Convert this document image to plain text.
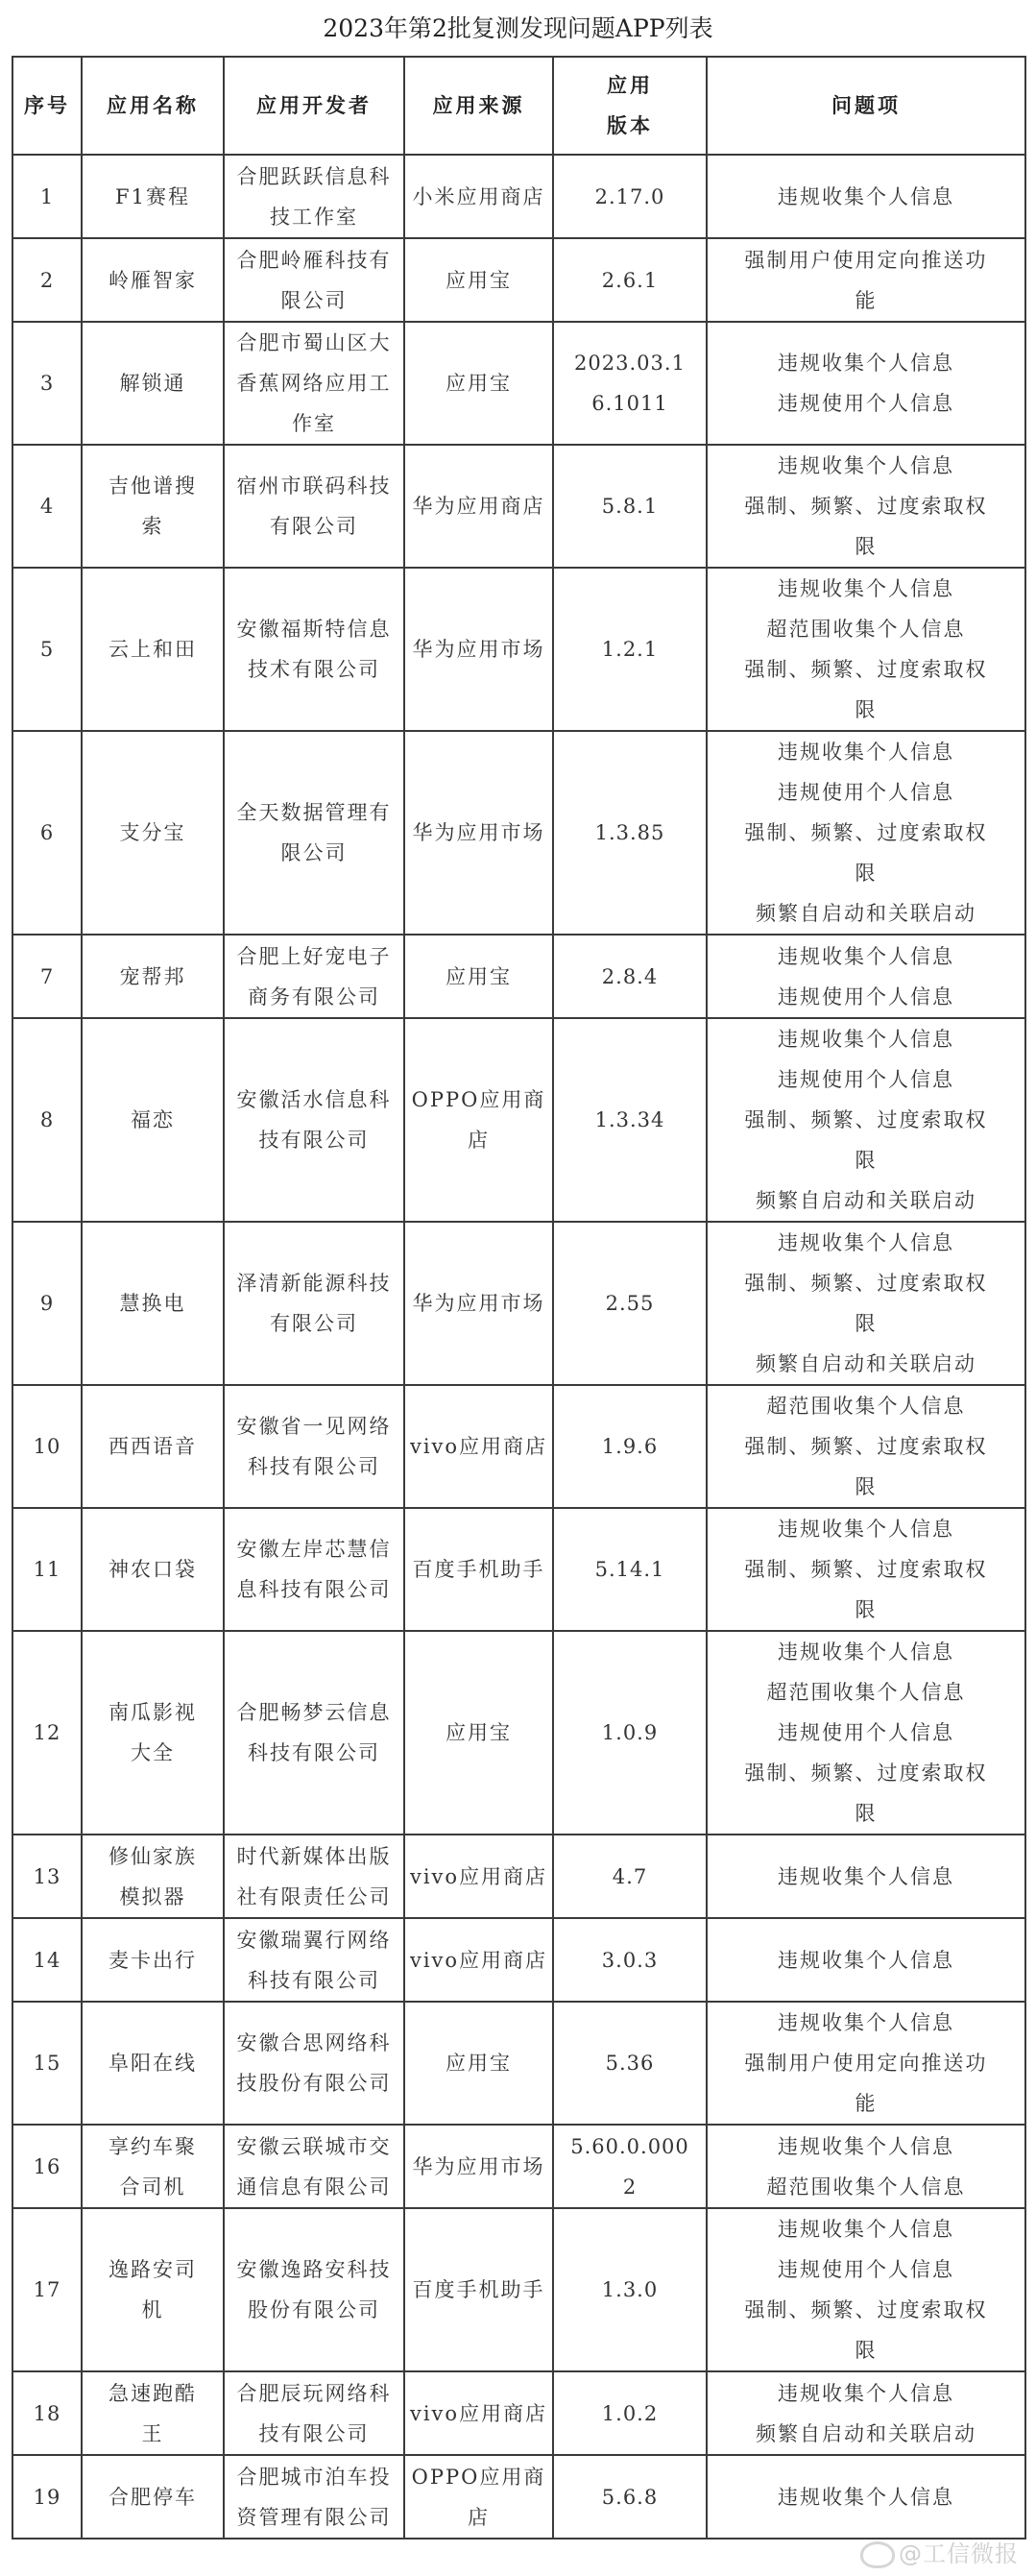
2023年第2批复测发现问题APP列表
序号	应用名称	应用开发者	应用来源	应用
版本	问题项
1	F1赛程	合肥跃跃信息科
技工作室	小米应用商店	2.17.0	违规收集个人信息

2	岭雁智家	合肥岭雁科技有
限公司	应用宝	2.6.1	强制用户使用定向推送功
能

3	解锁通	合肥市蜀山区大
香蕉网络应用工
作室	应用宝	2023.03.1
6.1011	违规收集个人信息
违规使用个人信息

4	吉他谱搜
索	宿州市联码科技
有限公司	华为应用商店	5.8.1	违规收集个人信息
强制、频繁、过度索取权
限

5	云上和田	安徽福斯特信息
技术有限公司	华为应用市场	1.2.1	违规收集个人信息
超范围收集个人信息
强制、频繁、过度索取权
限

6	支分宝	全天数据管理有
限公司	华为应用市场	1.3.85	违规收集个人信息
违规使用个人信息
强制、频繁、过度索取权
限
频繁自启动和关联启动

7	宠帮邦	合肥上好宠电子
商务有限公司	应用宝	2.8.4	违规收集个人信息
违规使用个人信息

8	福恋	安徽活水信息科
技有限公司	OPPO应用商店	1.3.34	违规收集个人信息
违规使用个人信息
强制、频繁、过度索取权
限
频繁自启动和关联启动

9	慧换电	泽清新能源科技
有限公司	华为应用市场	2.55	违规收集个人信息
强制、频繁、过度索取权
限
频繁自启动和关联启动

10	西西语音	安徽省一见网络
科技有限公司	vivo应用商店	1.9.6	超范围收集个人信息
强制、频繁、过度索取权
限

11	神农口袋	安徽左岸芯慧信
息科技有限公司	百度手机助手	5.14.1	违规收集个人信息
强制、频繁、过度索取权
限

12	南瓜影视
大全	合肥畅梦云信息
科技有限公司	应用宝	1.0.9	违规收集个人信息
超范围收集个人信息
违规使用个人信息
强制、频繁、过度索取权
限

13	修仙家族
模拟器	时代新媒体出版
社有限责任公司	vivo应用商店	4.7	违规收集个人信息

14	麦卡出行	安徽瑞翼行网络
科技有限公司	vivo应用商店	3.0.3	违规收集个人信息

15	阜阳在线	安徽合思网络科
技股份有限公司	应用宝	5.36	违规收集个人信息
强制用户使用定向推送功
能

16	享约车聚
合司机	安徽云联城市交
通信息有限公司	华为应用市场	5.60.0.000
2	违规收集个人信息
超范围收集个人信息

17	逸路安司
机	安徽逸路安科技
股份有限公司	百度手机助手	1.3.0	违规收集个人信息
违规使用个人信息
强制、频繁、过度索取权
限

18	急速跑酷
王	合肥辰玩网络科
技有限公司	vivo应用商店	1.0.2	违规收集个人信息
频繁自启动和关联启动

19	合肥停车	合肥城市泊车投
资管理有限公司	OPPO应用商店	5.6.8	违规收集个人信息
@工信微报
